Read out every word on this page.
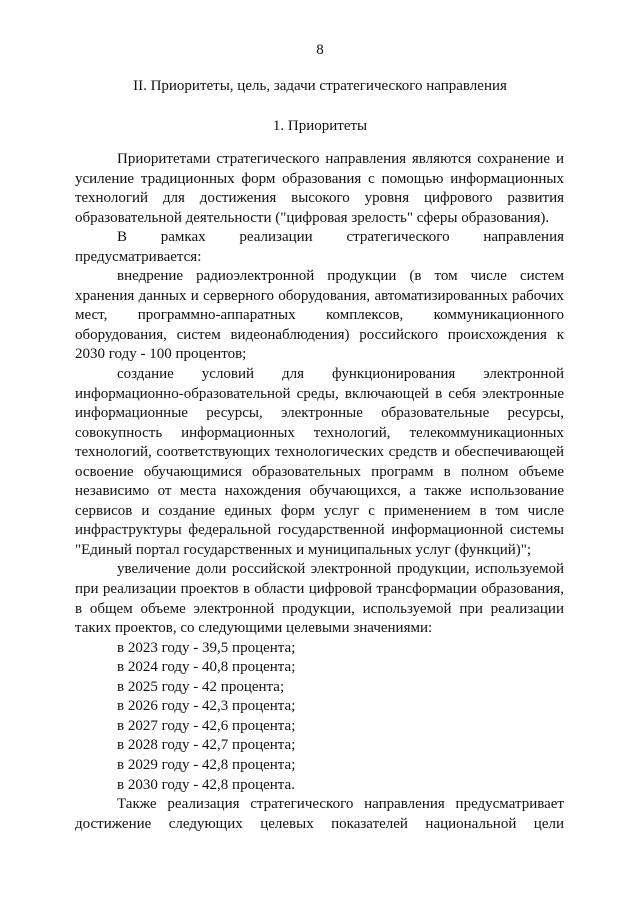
8
II. Приоритеты, цель, задачи стратегического направления
1. Приоритеты

Приоритетами стратегического направления являются сохранение и усиление традиционных форм образования с помощью информационных технологий для достижения высокого уровня цифрового развития образовательной деятельности ("цифровая зрелость" сферы образования).

В рамках реализации стратегического направления предусматривается:

внедрение радиоэлектронной продукции (в том числе систем хранения данных и серверного оборудования, автоматизированных рабочих мест, программно-аппаратных комплексов, коммуникационного оборудования, систем видеонаблюдения) российского происхождения к 2030 году - 100 процентов;

создание условий для функционирования электронной информационно-образовательной среды, включающей в себя электронные информационные ресурсы, электронные образовательные ресурсы, совокупность информационных технологий, телекоммуникационных технологий, соответствующих технологических средств и обеспечивающей освоение обучающимися образовательных программ в полном объеме независимо от места нахождения обучающихся, а также использование сервисов и создание единых форм услуг с применением в том числе инфраструктуры федеральной государственной информационной системы "Единый портал государственных и муниципальных услуг (функций)";

увеличение доли российской электронной продукции, используемой при реализации проектов в области цифровой трансформации образования, в общем объеме электронной продукции, используемой при реализации таких проектов, со следующими целевыми значениями:

в 2023 году - 39,5 процента;

в 2024 году - 40,8 процента;

в 2025 году - 42 процента;

в 2026 году - 42,3 процента;

в 2027 году - 42,6 процента;

в 2028 году - 42,7 процента;

в 2029 году - 42,8 процента;

в 2030 году - 42,8 процента.

Также реализация стратегического направления предусматривает достижение следующих целевых показателей национальной цели
